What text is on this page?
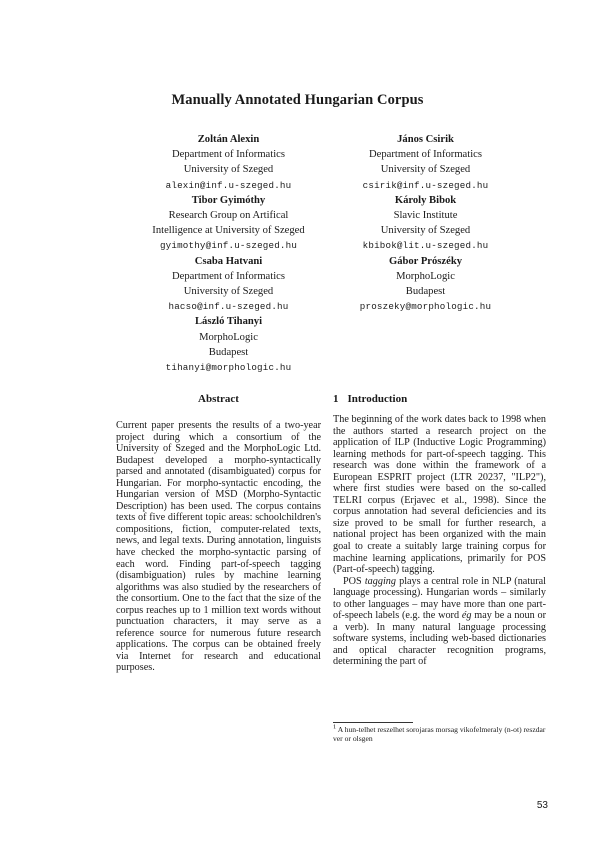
Manually Annotated Hungarian Corpus
Zoltán Alexin
Department of Informatics
University of Szeged
alexin@inf.u-szeged.hu
Tibor Gyimóthy
Research Group on Artifical
Intelligence at University of Szeged
gyimothy@inf.u-szeged.hu
Csaba Hatvani
Department of Informatics
University of Szeged
hacso@inf.u-szeged.hu
László Tihanyi
MorphoLogic
Budapest
tihanyi@morphologic.hu
János Csirik
Department of Informatics
University of Szeged
csirik@inf.u-szeged.hu
Károly Bibok
Slavic Institute
University of Szeged
kbibok@lit.u-szeged.hu
Gábor Prószéky
MorphoLogic
Budapest
proszeky@morphologic.hu
Abstract
Current paper presents the results of a two-year project during which a consortium of the University of Szeged and the MorphoLogic Ltd. Budapest developed a morpho-syntactically parsed and annotated (disambiguated) corpus for Hungarian. For morpho-syntactic encoding, the Hungarian version of MSD (Morpho-Syntactic Description) has been used. The corpus contains texts of five different topic areas: schoolchildren's compositions, fiction, computer-related texts, news, and legal texts. During annotation, linguists have checked the morpho-syntactic parsing of each word. Finding part-of-speech tagging (disambiguation) rules by machine learning algorithms was also studied by the researchers of the consortium. One to the fact that the size of the corpus reaches up to 1 million text words without punctuation characters, it may serve as a reference source for numerous future research applications. The corpus can be obtained freely via Internet for research and educational purposes.
1 Introduction

The beginning of the work dates back to 1998 when the authors started a research project on the application of ILP (Inductive Logic Programming) learning methods for part-of-speech tagging. This research was done within the framework of a European ESPRIT project (LTR 20237, "ILP2"), where first studies were based on the so-called TELRI corpus (Erjavec et al., 1998). Since the corpus annotation had several deficiencies and its size proved to be small for further research, a national project has been organized with the main goal to create a suitably large training corpus for machine learning applications, primarily for POS (Part-of-speech) tagging.

POS tagging plays a central role in NLP (natural language processing). Hungarian words – similarly to other languages – may have more than one part-of-speech labels (e.g. the word ég may be a noun or a verb). In many natural language processing software systems, including web-based dictionaries and optical character recognition programs, determining the part of

1 A hun-telhet reszelhet sorojaras morsag vikofelmeraly (n-ot) reszdar ver or olsgen
53
